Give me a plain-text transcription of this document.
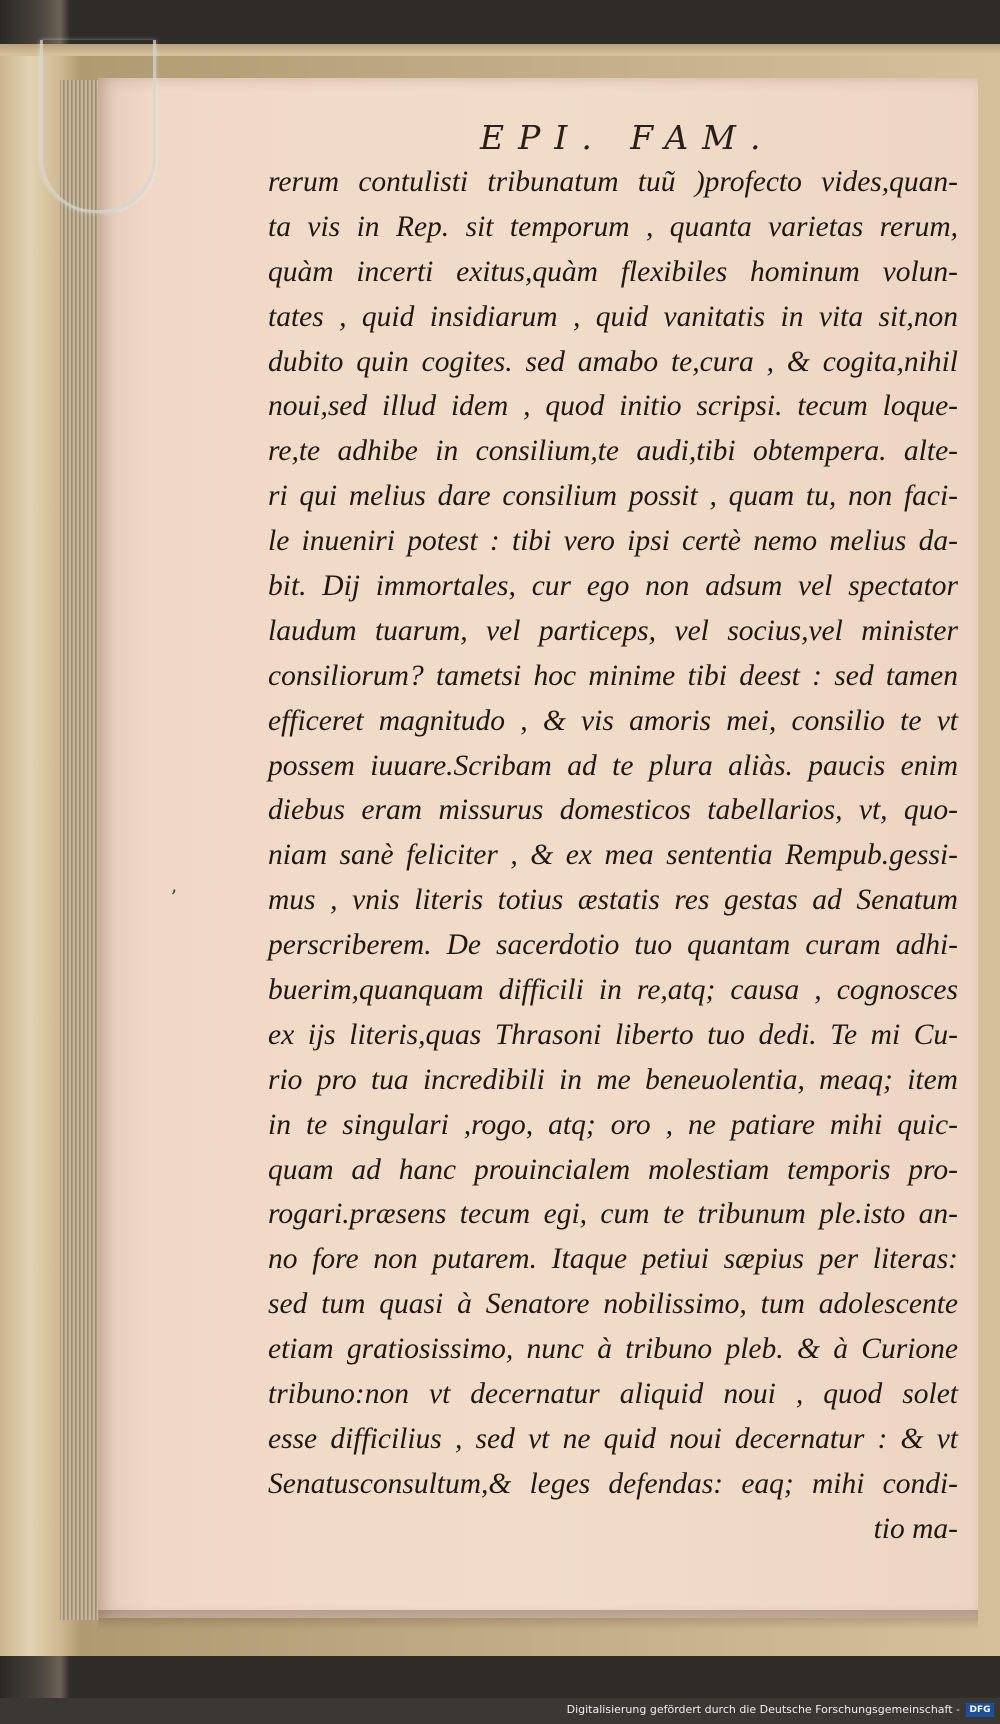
EPI. FAM.
rerum contulisti tribunatum tuũ )profecto vides,quan-
ta vis in Rep. sit temporum , quanta varietas rerum,
quàm incerti exitus,quàm flexibiles hominum volun-
tates , quid insidiarum , quid vanitatis in vita sit,non
dubito quin cogites. sed amabo te,cura , & cogita,nihil
noui,sed illud idem , quod initio scripsi. tecum loque-
re,te adhibe in consilium,te audi,tibi obtempera. alte-
ri qui melius dare consilium possit , quam tu, non faci-
le inueniri potest : tibi vero ipsi certè nemo melius da-
bit. Dij immortales, cur ego non adsum vel spectator
laudum tuarum, vel particeps, vel socius,vel minister
consiliorum? tametsi hoc minime tibi deest : sed tamen
efficeret magnitudo , & vis amoris mei, consilio te vt
possem iuuare.Scribam ad te plura aliàs. paucis enim
diebus eram missurus domesticos tabellarios, vt, quo-
niam sanè feliciter , & ex mea sententia Rempub.gessi-
mus , vnis literis totius æstatis res gestas ad Senatum
perscriberem. De sacerdotio tuo quantam curam adhi-
buerim,quanquam difficili in re,atq; causa , cognosces
ex ijs literis,quas Thrasoni liberto tuo dedi. Te mi Cu-
rio pro tua incredibili in me beneuolentia, meaq; item
in te singulari ,rogo, atq; oro , ne patiare mihi quic-
quam ad hanc prouincialem molestiam temporis pro-
rogari.præsens tecum egi, cum te tribunum ple.isto an-
no fore non putarem. Itaque petiui sæpius per literas:
sed tum quasi à Senatore nobilissimo, tum adolescente
etiam gratiosissimo, nunc à tribuno pleb. & à Curione
tribuno:non vt decernatur aliquid noui , quod solet
esse difficilius , sed vt ne quid noui decernatur : & vt
Senatusconsultum,& leges defendas: eaq; mihi condi-
tio ma-
ʼ
Digitalisierung gefördert durch die Deutsche Forschungsgemeinschaft -	DFG
